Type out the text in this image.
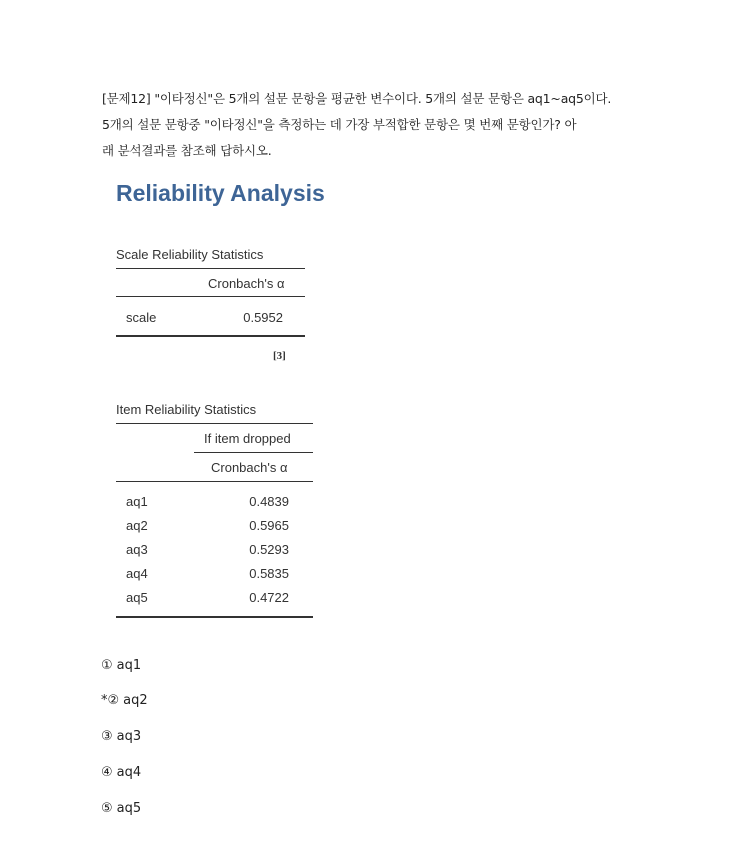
[문제12] "이타정신"은 5개의 설문 문항을 평균한 변수이다. 5개의 설문 문항은 aq1~aq5이다.
5개의 설문 문항중 "이타정신"을 측정하는 데 가장 부적합한 문항은 몇 번째 문항인가? 아
래 분석결과를 참조해 답하시오.
Reliability Analysis
Scale Reliability Statistics
Cronbach's α
scale	0.5952
[3]
Item Reliability Statistics
If item dropped
Cronbach's α
aq1	0.4839
aq2	0.5965
aq3	0.5293
aq4	0.5835
aq5	0.4722
① aq1
*② aq2
③ aq3
④ aq4
⑤ aq5
